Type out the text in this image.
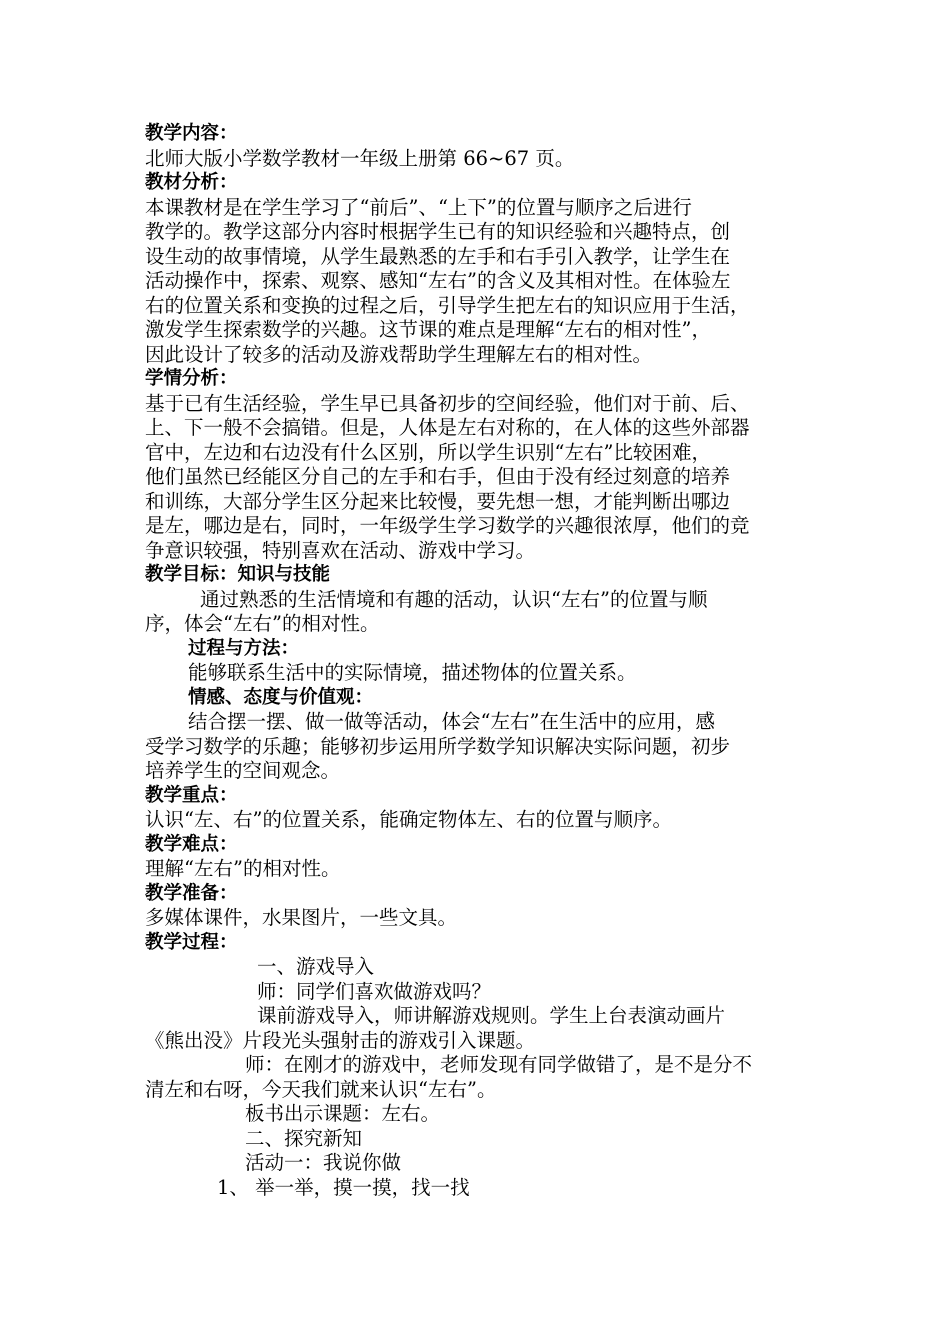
教学内容：

北师大版小学数学教材一年级上册第 66~67 页。

教材分析：

本课教材是在学生学习了“前后”、“上下”的位置与顺序之后进行

教学的。教学这部分内容时根据学生已有的知识经验和兴趣特点，创

设生动的故事情境，从学生最熟悉的左手和右手引入教学，让学生在

活动操作中，探索、观察、感知“左右”的含义及其相对性。在体验左

右的位置关系和变换的过程之后，引导学生把左右的知识应用于生活，

激发学生探索数学的兴趣。这节课的难点是理解“左右的相对性”，

因此设计了较多的活动及游戏帮助学生理解左右的相对性。

学情分析：

基于已有生活经验，学生早已具备初步的空间经验，他们对于前、后、

上、下一般不会搞错。但是，人体是左右对称的，在人体的这些外部器

官中，左边和右边没有什么区别，所以学生识别“左右”比较困难，

他们虽然已经能区分自己的左手和右手，但由于没有经过刻意的培养

和训练，大部分学生区分起来比较慢，要先想一想，才能判断出哪边

是左，哪边是右，同时，一年级学生学习数学的兴趣很浓厚，他们的竞

争意识较强，特别喜欢在活动、游戏中学习。

教学目标：知识与技能

通过熟悉的生活情境和有趣的活动，认识“左右”的位置与顺

序，体会“左右”的相对性。

过程与方法：

能够联系生活中的实际情境，描述物体的位置关系。

情感、态度与价值观：

结合摆一摆、做一做等活动，体会“左右”在生活中的应用，感

受学习数学的乐趣；能够初步运用所学数学知识解决实际问题，初步

培养学生的空间观念。

教学重点：

认识“左、右”的位置关系，能确定物体左、右的位置与顺序。

教学难点：

理解“左右”的相对性。

教学准备：

多媒体课件，水果图片，一些文具。

教学过程：

一、游戏导入

师：同学们喜欢做游戏吗？

课前游戏导入，师讲解游戏规则。学生上台表演动画片

《熊出没》片段光头强射击的游戏引入课题。

师：在刚才的游戏中，老师发现有同学做错了，是不是分不

清左和右呀，今天我们就来认识“左右”。

板书出示课题：左右。

二、探究新知

活动一：我说你做

1、 举一举，摸一摸，找一找
